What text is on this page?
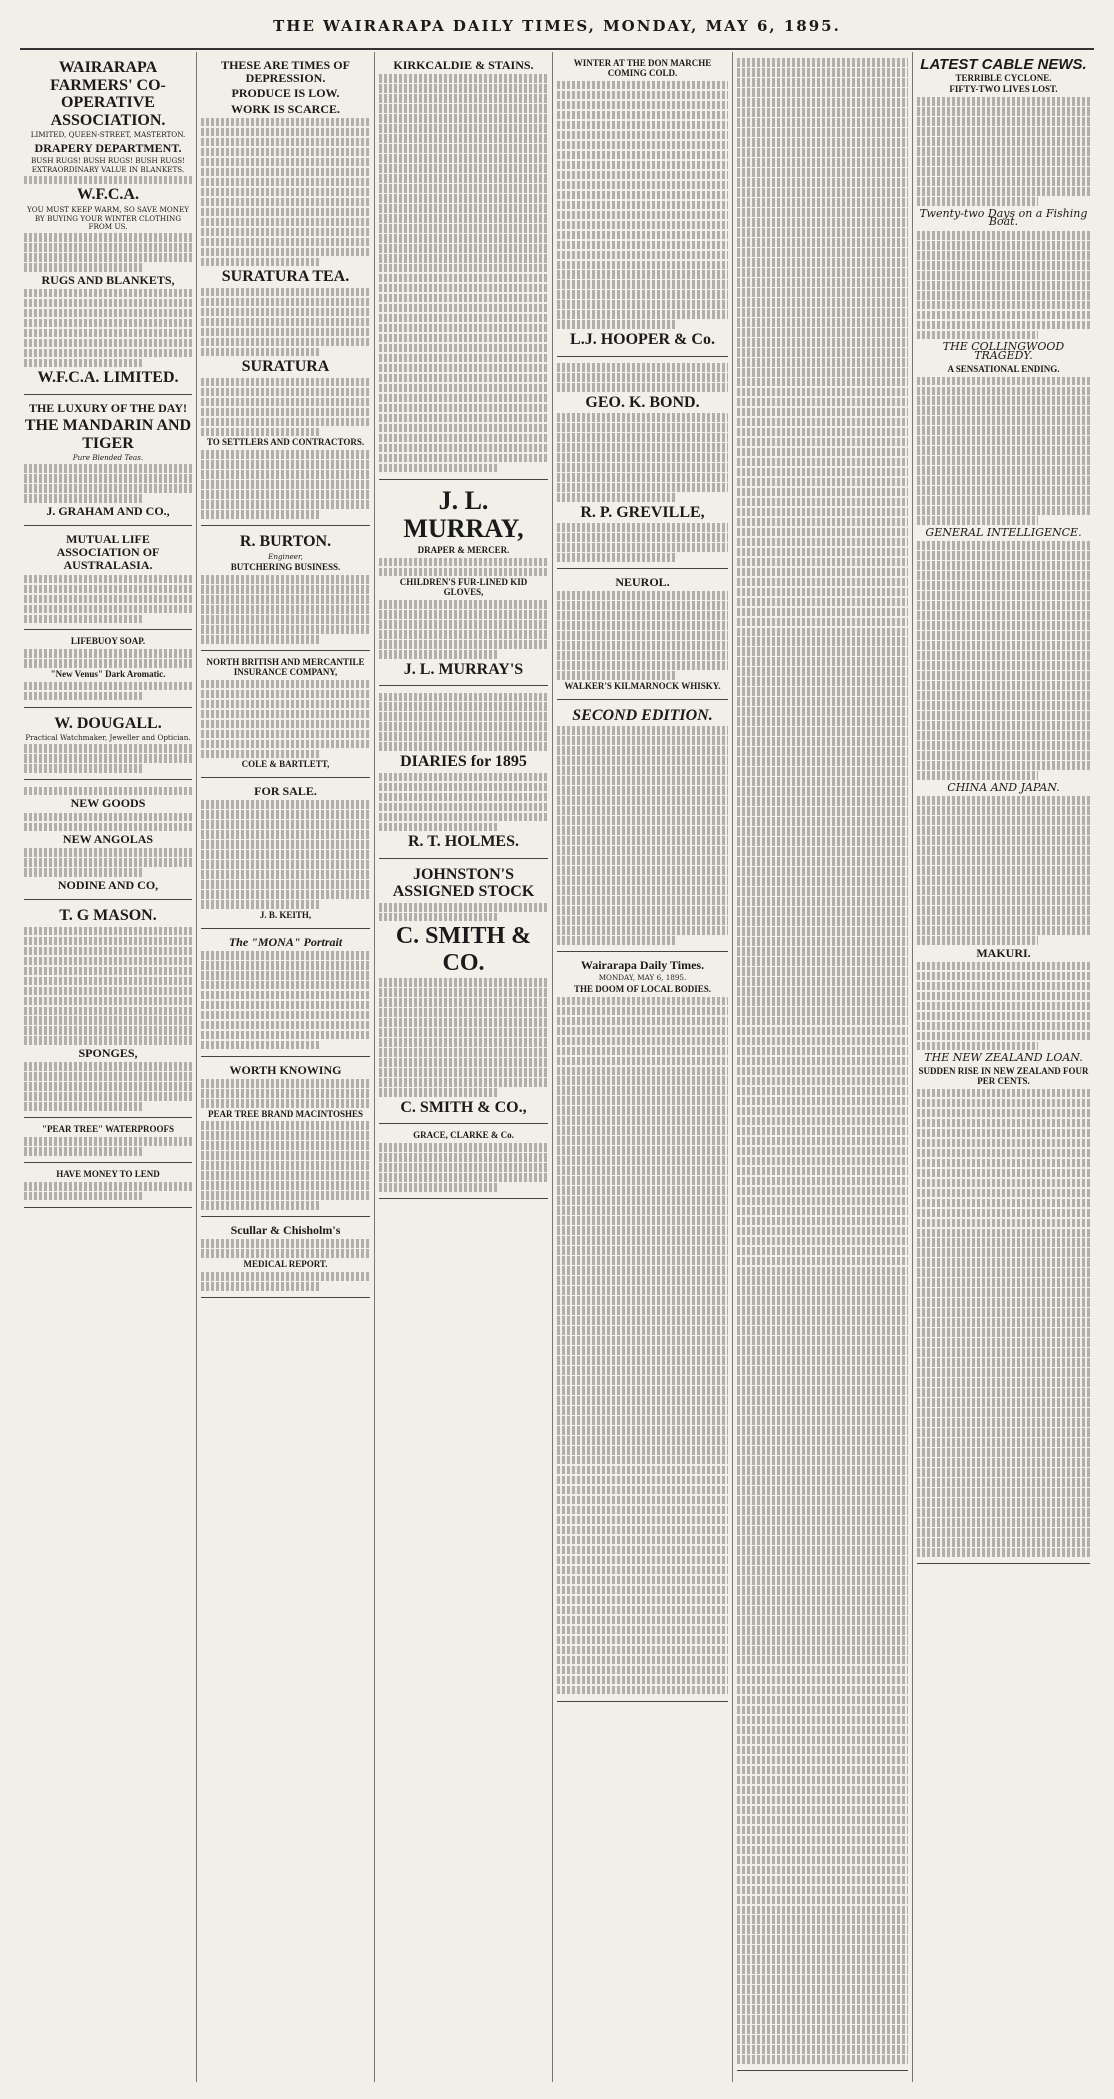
THE WAIRARAPA DAILY TIMES, MONDAY, MAY 6, 1895.
WAIRARAPA FARMERS' CO-OPERATIVE ASSOCIATION.
LIMITED, QUEEN-STREET, MASTERTON.
DRAPERY DEPARTMENT.
BUSH RUGS! BUSH RUGS! BUSH RUGS! EXTRAORDINARY VALUE IN BLANKETS.
W.F.C.A.
YOU MUST KEEP WARM, SO SAVE MONEY BY BUYING YOUR WINTER CLOTHING FROM US.
RUGS AND BLANKETS,
W.F.C.A. LIMITED.
THE LUXURY OF THE DAY!
THE MANDARIN AND TIGER
Pure Blended Teas.
J. GRAHAM AND CO.,
MUTUAL LIFE ASSOCIATION OF AUSTRALASIA.
LIFEBUOY SOAP.
"New Venus" Dark Aromatic.
W. DOUGALL.
Practical Watchmaker, Jeweller and Optician.
NEW GOODS
NEW ANGOLAS
NODINE AND CO,
T. G MASON.
SPONGES,
"PEAR TREE" WATERPROOFS
HAVE MONEY TO LEND
THESE ARE TIMES OF DEPRESSION.
PRODUCE IS LOW.
WORK IS SCARCE.
SURATURA TEA.
SURATURA
TO SETTLERS AND CONTRACTORS.
R. BURTON.
Engineer,
BUTCHERING BUSINESS.
NORTH BRITISH AND MERCANTILE INSURANCE COMPANY,
COLE & BARTLETT,
FOR SALE.
J. B. KEITH,
The "MONA" Portrait
WORTH KNOWING
PEAR TREE BRAND MACINTOSHES
Scullar & Chisholm's
MEDICAL REPORT.
KIRKCALDIE & STAINS.
J. L. MURRAY,
DRAPER & MERCER.
CHILDREN'S FUR-LINED KID GLOVES,
J. L. MURRAY'S
DIARIES for 1895
R. T. HOLMES.
JOHNSTON'S ASSIGNED STOCK
C. SMITH & CO.
C. SMITH & CO.,
GRACE, CLARKE & Co.
WINTER AT THE DON MARCHE COMING COLD.
L.J. HOOPER & Co.
GEO. K. BOND.
R. P. GREVILLE,
NEUROL.
WALKER'S KILMARNOCK WHISKY.
SECOND EDITION.
Wairarapa Daily Times.
MONDAY, MAY 6, 1895.
THE DOOM OF LOCAL BODIES.
LATEST CABLE NEWS.
TERRIBLE CYCLONE.
FIFTY-TWO LIVES LOST.
Twenty-two Days on a Fishing Boat.
THE COLLINGWOOD TRAGEDY.
A SENSATIONAL ENDING.
GENERAL INTELLIGENCE.
CHINA AND JAPAN.
MAKURI.
THE NEW ZEALAND LOAN.
SUDDEN RISE IN NEW ZEALAND FOUR PER CENTS.
